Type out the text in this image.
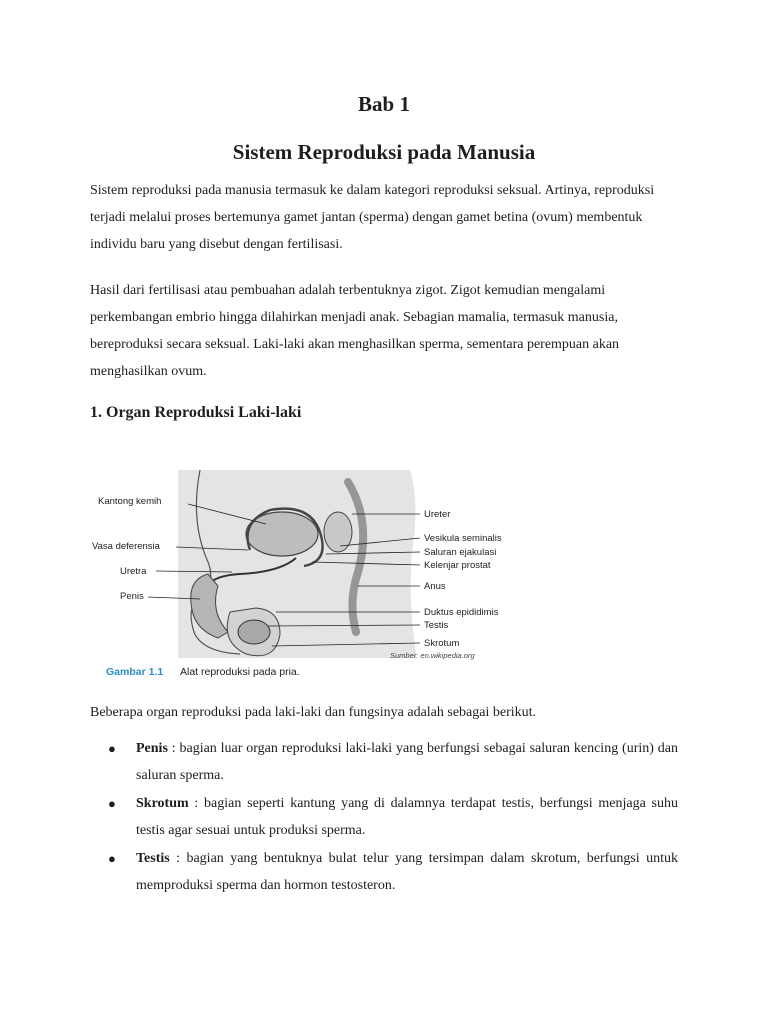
Bab 1
Sistem Reproduksi pada Manusia
Sistem reproduksi pada manusia termasuk ke dalam kategori reproduksi seksual. Artinya, reproduksi terjadi melalui proses bertemunya gamet jantan (sperma) dengan gamet betina (ovum) membentuk individu baru yang disebut dengan fertilisasi.
Hasil dari fertilisasi atau pembuahan adalah terbentuknya zigot. Zigot kemudian mengalami perkembangan embrio hingga dilahirkan menjadi anak. Sebagian mamalia, termasuk manusia, bereproduksi secara seksual. Laki-laki akan menghasilkan sperma, sementara perempuan akan menghasilkan ovum.
1. Organ Reproduksi Laki-laki
Kantong kemih
Vasa deferensia
Uretra
Penis
Ureter
Vesikula seminalis
Saluran ejakulasi
Kelenjar prostat
Anus
Duktus epididimis
Testis
Skrotum
Sumber: en.wikipedia.org
Gambar 1.1 Alat reproduksi pada pria.
Beberapa organ reproduksi pada laki-laki dan fungsinya adalah sebagai berikut.
● Penis : bagian luar organ reproduksi laki-laki yang berfungsi sebagai saluran kencing (urin) dan saluran sperma.
● Skrotum : bagian seperti kantung yang di dalamnya terdapat testis, berfungsi menjaga suhu testis agar sesuai untuk produksi sperma.
● Testis : bagian yang bentuknya bulat telur yang tersimpan dalam skrotum, berfungsi untuk memproduksi sperma dan hormon testosteron.
